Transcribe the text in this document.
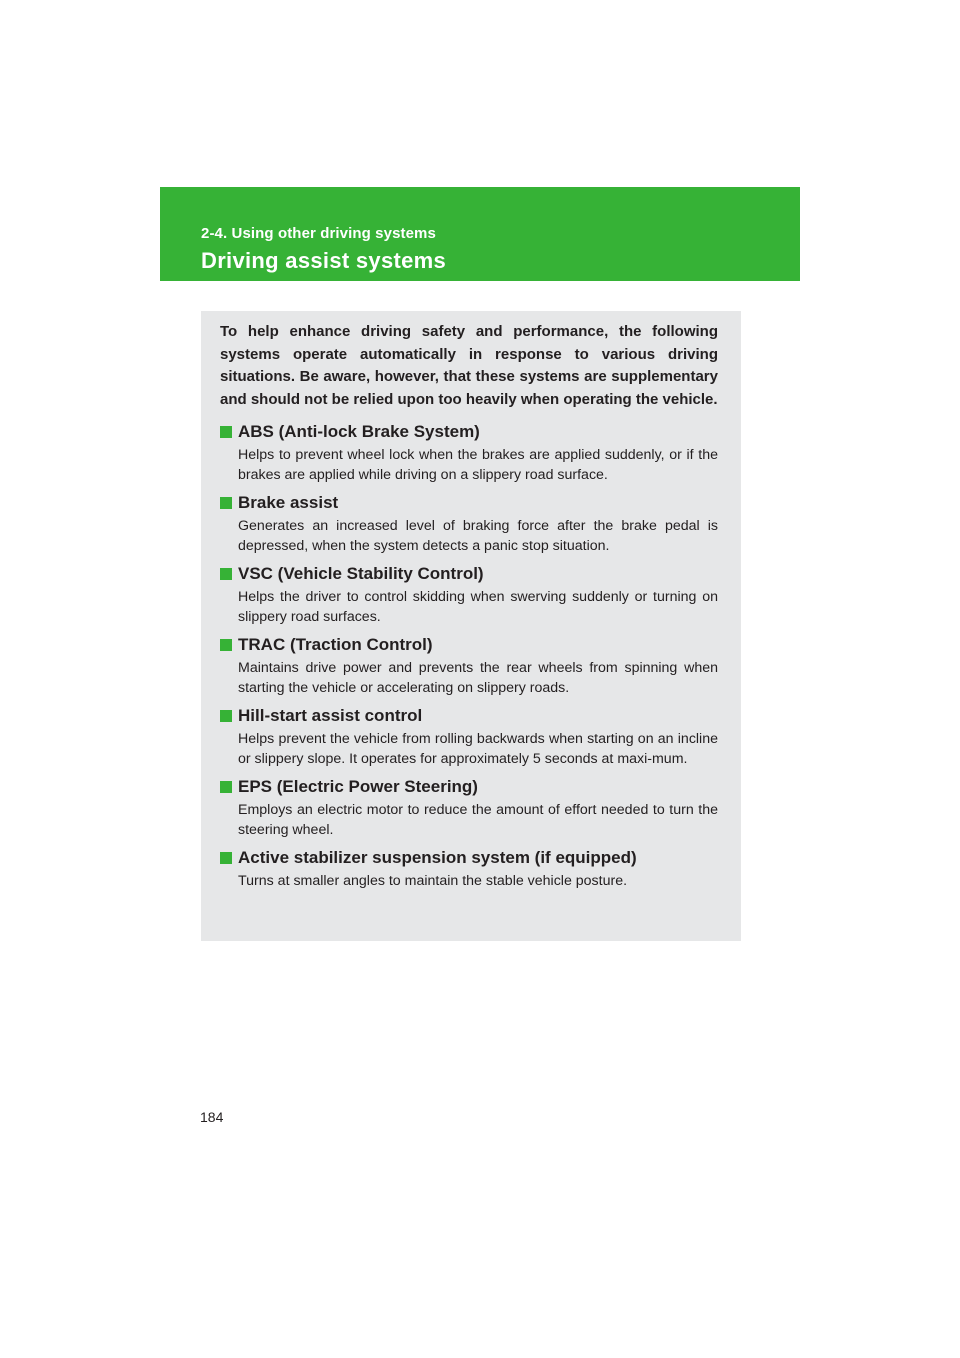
2-4. Using other driving systems
Driving assist systems

To help enhance driving safety and performance, the following systems operate automatically in response to various driving situations. Be aware, however, that these systems are supplementary and should not be relied upon too heavily when operating the vehicle.

ABS (Anti-lock Brake System)
Helps to prevent wheel lock when the brakes are applied suddenly, or if the brakes are applied while driving on a slippery road surface.
Brake assist
Generates an increased level of braking force after the brake pedal is depressed, when the system detects a panic stop situation.
VSC (Vehicle Stability Control)
Helps the driver to control skidding when swerving suddenly or turning on slippery road surfaces.
TRAC (Traction Control)
Maintains drive power and prevents the rear wheels from spinning when starting the vehicle or accelerating on slippery roads.
Hill-start assist control
Helps prevent the vehicle from rolling backwards when starting on an incline or slippery slope. It operates for approximately 5 seconds at maxi-mum.
EPS (Electric Power Steering)
Employs an electric motor to reduce the amount of effort needed to turn the steering wheel.
Active stabilizer suspension system (if equipped)
Turns at smaller angles to maintain the stable vehicle posture.
184
